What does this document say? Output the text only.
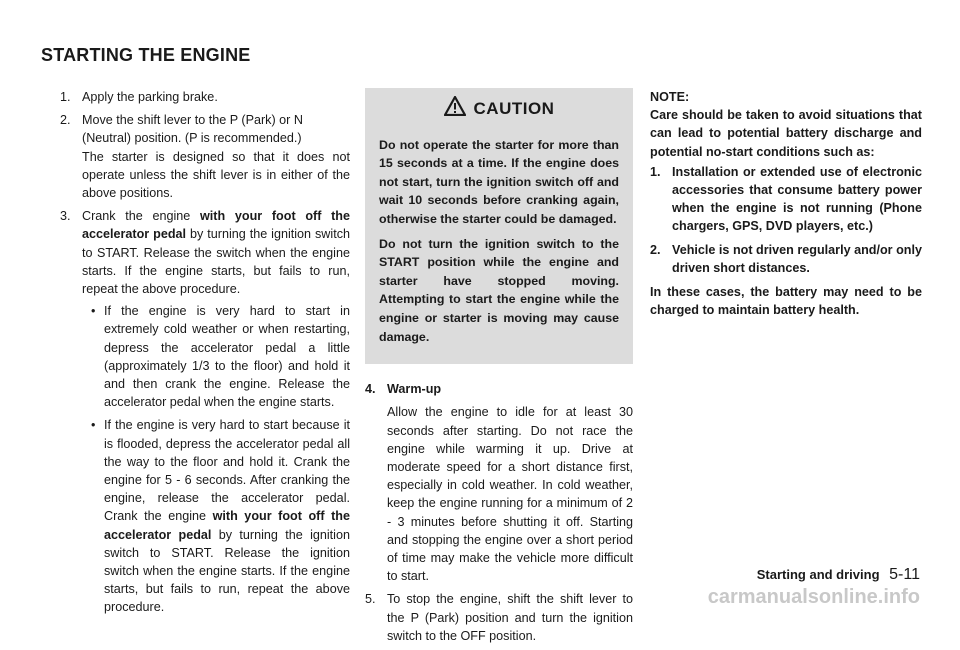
STARTING THE ENGINE
1. Apply the parking brake.
2. Move the shift lever to the P (Park) or N (Neutral) position. (P is recommended.)

The starter is designed so that it does not operate unless the shift lever is in either of the above positions.

3. Crank the engine with your foot off the accelerator pedal by turning the ignition switch to START. Release the switch when the engine starts. If the engine starts, but fails to run, repeat the above procedure.

• If the engine is very hard to start in extremely cold weather or when restarting, depress the accelerator pedal a little (approximately 1/3 to the floor) and hold it and then crank the engine. Release the accelerator pedal when the engine starts.
• If the engine is very hard to start because it is flooded, depress the accelerator pedal all the way to the floor and hold it. Crank the engine for 5 - 6 seconds. After cranking the engine, release the accelerator pedal. Crank the engine with your foot off the accelerator pedal by turning the ignition switch to START. Release the ignition switch when the engine starts. If the engine starts, but fails to run, repeat the above procedure.
CAUTION

Do not operate the starter for more than 15 seconds at a time. If the engine does not start, turn the ignition switch off and wait 10 seconds before cranking again, otherwise the starter could be damaged.

Do not turn the ignition switch to the START position while the engine and starter have stopped moving. Attempting to start the engine while the engine or starter is moving may cause damage.

4. Warm-up

Allow the engine to idle for at least 30 seconds after starting. Do not race the engine while warming it up. Drive at moderate speed for a short distance first, especially in cold weather. In cold weather, keep the engine running for a minimum of 2 - 3 minutes before shutting it off. Starting and stopping the engine over a short period of time may make the vehicle more difficult to start.

5. To stop the engine, shift the shift lever to the P (Park) position and turn the ignition switch to the OFF position.

NOTE:

Care should be taken to avoid situations that can lead to potential battery discharge and potential no-start conditions such as:

1. Installation or extended use of electronic accessories that consume battery power when the engine is not running (Phone chargers, GPS, DVD players, etc.)
2. Vehicle is not driven regularly and/or only driven short distances.

In these cases, the battery may need to be charged to maintain battery health.

Starting and driving 5-11
carmanualsonline.info
